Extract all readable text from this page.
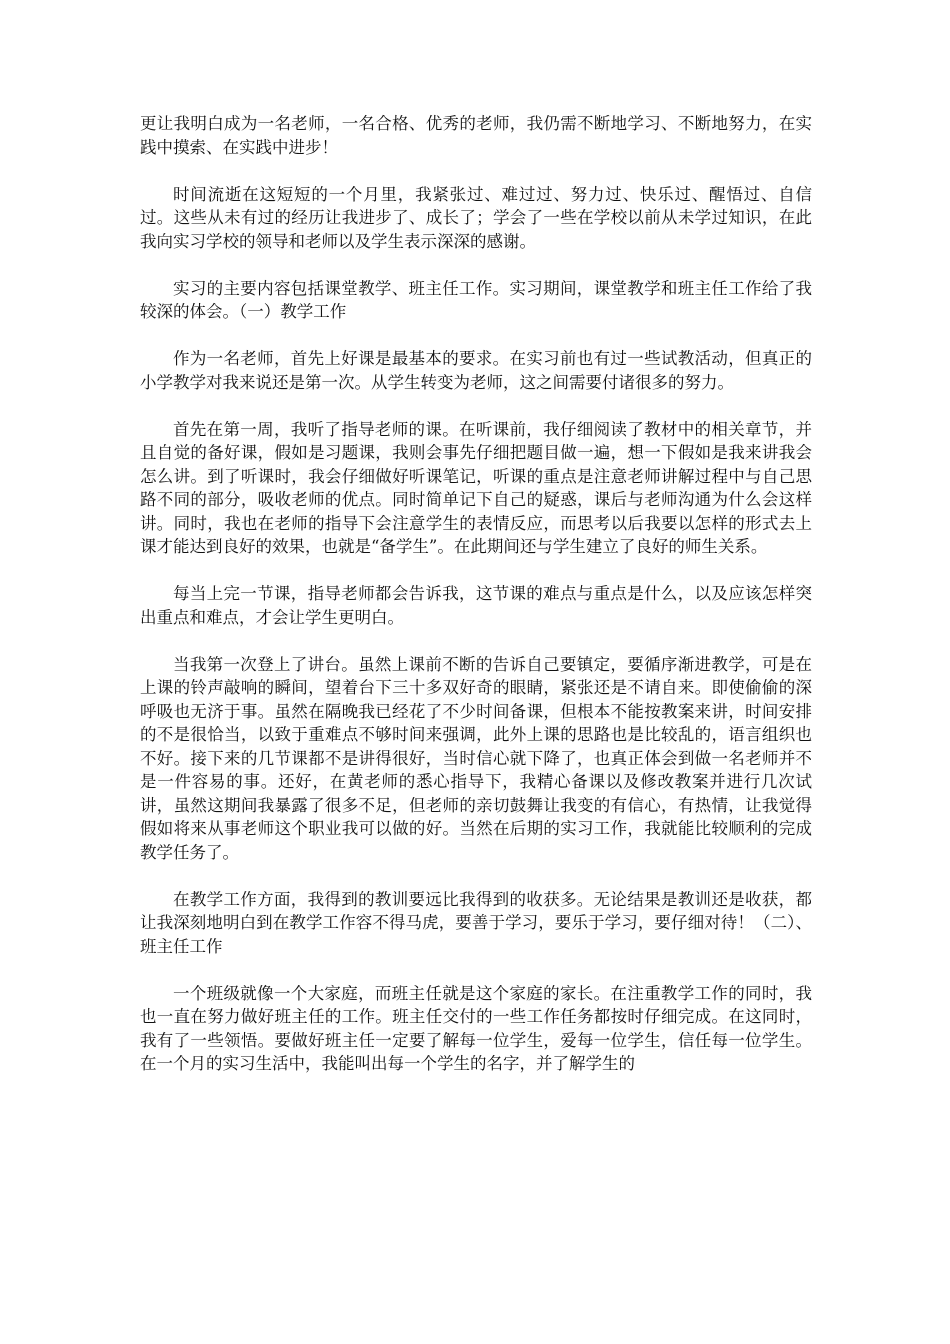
更让我明白成为一名老师，一名合格、优秀的老师，我仍需不断地学习、不断地努力，在实践中摸索、在实践中进步！

时间流逝在这短短的一个月里，我紧张过、难过过、努力过、快乐过、醒悟过、自信过。这些从未有过的经历让我进步了、成长了；学会了一些在学校以前从未学过知识，在此我向实习学校的领导和老师以及学生表示深深的感谢。

实习的主要内容包括课堂教学、班主任工作。实习期间，课堂教学和班主任工作给了我较深的体会。（一）教学工作

作为一名老师，首先上好课是最基本的要求。在实习前也有过一些试教活动，但真正的小学教学对我来说还是第一次。从学生转变为老师，这之间需要付诸很多的努力。

首先在第一周，我听了指导老师的课。在听课前，我仔细阅读了教材中的相关章节，并且自觉的备好课，假如是习题课，我则会事先仔细把题目做一遍，想一下假如是我来讲我会怎么讲。到了听课时，我会仔细做好听课笔记，听课的重点是注意老师讲解过程中与自己思路不同的部分，吸收老师的优点。同时简单记下自己的疑惑，课后与老师沟通为什么会这样讲。同时，我也在老师的指导下会注意学生的表情反应，而思考以后我要以怎样的形式去上课才能达到良好的效果，也就是“备学生”。在此期间还与学生建立了良好的师生关系。

每当上完一节课，指导老师都会告诉我，这节课的难点与重点是什么，以及应该怎样突出重点和难点，才会让学生更明白。

当我第一次登上了讲台。虽然上课前不断的告诉自己要镇定，要循序渐进教学，可是在上课的铃声敲响的瞬间，望着台下三十多双好奇的眼睛，紧张还是不请自来。即使偷偷的深呼吸也无济于事。虽然在隔晚我已经花了不少时间备课，但根本不能按教案来讲，时间安排的不是很恰当，以致于重难点不够时间来强调，此外上课的思路也是比较乱的，语言组织也不好。接下来的几节课都不是讲得很好，当时信心就下降了，也真正体会到做一名老师并不是一件容易的事。还好，在黄老师的悉心指导下，我精心备课以及修改教案并进行几次试讲，虽然这期间我暴露了很多不足，但老师的亲切鼓舞让我变的有信心，有热情，让我觉得假如将来从事老师这个职业我可以做的好。当然在后期的实习工作，我就能比较顺利的完成教学任务了。

在教学工作方面，我得到的教训要远比我得到的收获多。无论结果是教训还是收获，都让我深刻地明白到在教学工作容不得马虎，要善于学习，要乐于学习，要仔细对待！（二）、班主任工作

一个班级就像一个大家庭，而班主任就是这个家庭的家长。在注重教学工作的同时，我也一直在努力做好班主任的工作。班主任交付的一些工作任务都按时仔细完成。在这同时，我有了一些领悟。要做好班主任一定要了解每一位学生，爱每一位学生，信任每一位学生。在一个月的实习生活中，我能叫出每一个学生的名字，并了解学生的
